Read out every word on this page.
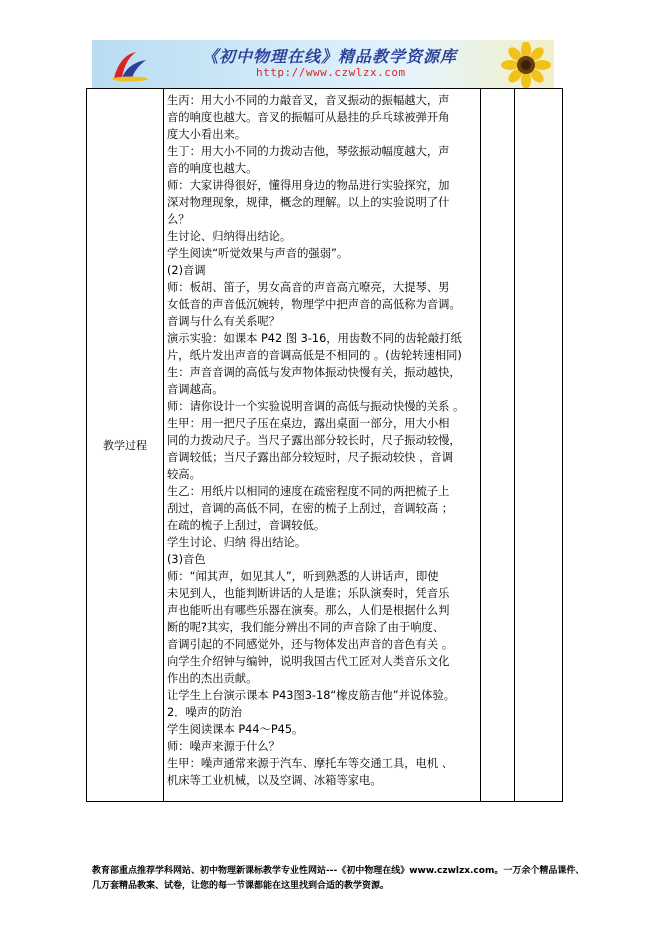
《初中物理在线》精品教学资源库
http://www.czwlzx.com
教学过程
生丙：用大小不同的力敲音叉，音叉振动的振幅越大，声
音的响度也越大。音叉的振幅可从悬挂的乒乓球被弹开角
度大小看出来。
生丁：用大小不同的力拨动吉他，琴弦振动幅度越大，声
音的响度也越大。
师：大家讲得很好，懂得用身边的物品进行实验探究，加
深对物理现象，规律，概念的理解。以上的实验说明了什
么？
生讨论、归纳得出结论。
学生阅读“听觉效果与声音的强弱”。
(2)音调
师：板胡、笛子，男女高音的声音高亢嘹亮，大提琴、男
女低音的声音低沉婉转，物理学中把声音的高低称为音调。
音调与什么有关系呢？
演示实验：如课本 P42 图 3-16，用齿数不同的齿轮敲打纸
片，纸片发出声音的音调高低是不相同的 。(齿轮转速相同)
生：声音音调的高低与发声物体振动快慢有关，振动越快，
音调越高。
师：请你设计一个实验说明音调的高低与振动快慢的关系 。
生甲：用一把尺子压在桌边，露出桌面一部分，用大小相
同的力拨动尺子。当尺子露出部分较长时，尺子振动较慢，
音调较低；当尺子露出部分较短时，尺子振动较快 ，音调
较高。
生乙：用纸片以相同的速度在疏密程度不同的两把梳子上
刮过，音调的高低不同，在密的梳子上刮过，音调较高 ；
在疏的梳子上刮过，音调较低。
学生讨论、归纳 得出结论。
(3)音色
师：“闻其声，如见其人”，听到熟悉的人讲话声，即使
未见到人，也能判断讲话的人是谁；乐队演奏时，凭音乐
声也能听出有哪些乐器在演奏。那么，人们是根据什么判
断的呢?其实，我们能分辨出不同的声音除了由于响度、
音调引起的不同感觉外，还与物体发出声音的音色有关 。
向学生介绍钟与编钟，说明我国古代工匠对人类音乐文化
作出的杰出贡献。
让学生上台演示课本 P43图3-18“橡皮筋吉他”并说体验。
2．噪声的防治
学生阅读课本 P44～P45。
师：噪声来源于什么？
生甲：噪声通常来源于汽车、摩托车等交通工具，电机 、
机床等工业机械，以及空调、冰箱等家电。
教育部重点推荐学科网站、初中物理新课标教学专业性网站---《初中物理在线》www.czwlzx.com。一万余个精品课件、
几万套精品教案、试卷，让您的每一节课都能在这里找到合适的教学资源。
